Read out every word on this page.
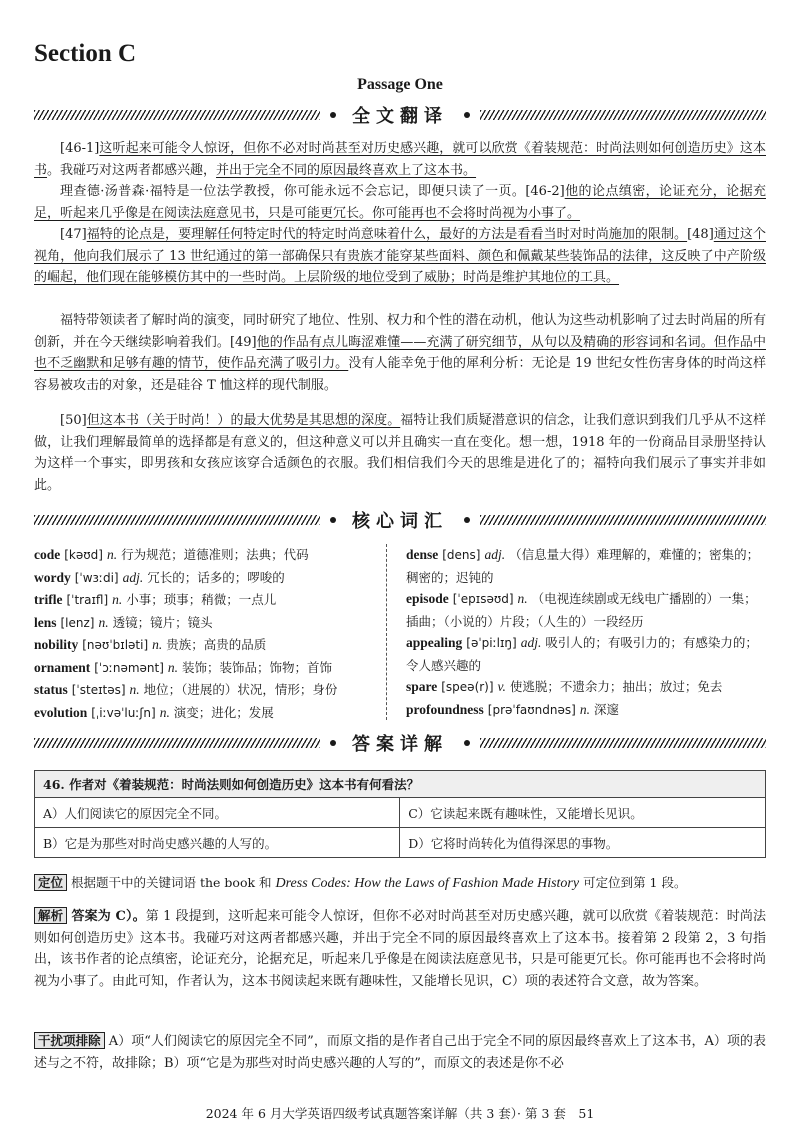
Section C
Passage One
全文翻译

[46-1]这听起来可能令人惊讶，但你不必对时尚甚至对历史感兴趣，就可以欣赏《着装规范：时尚法则如何创造历史》这本书。我碰巧对这两者都感兴趣，并出于完全不同的原因最终喜欢上了这本书。

理查德·汤普森·福特是一位法学教授，你可能永远不会忘记，即便只读了一页。[46-2]他的论点缜密，论证充分，论据充足，听起来几乎像是在阅读法庭意见书，只是可能更冗长。你可能再也不会将时尚视为小事了。

[47]福特的论点是，要理解任何特定时代的特定时尚意味着什么，最好的方法是看看当时对时尚施加的限制。[48]通过这个视角，他向我们展示了 13 世纪通过的第一部确保只有贵族才能穿某些面料、颜色和佩戴某些装饰品的法律，这反映了中产阶级的崛起，他们现在能够模仿其中的一些时尚。上层阶级的地位受到了威胁；时尚是维护其地位的工具。

福特带领读者了解时尚的演变，同时研究了地位、性别、权力和个性的潜在动机，他认为这些动机影响了过去时尚届的所有创新，并在今天继续影响着我们。[49]他的作品有点儿晦涩难懂——充满了研究细节，从句以及精确的形容词和名词。但作品中也不乏幽默和足够有趣的情节，使作品充满了吸引力。没有人能幸免于他的犀利分析：无论是 19 世纪女性伤害身体的时尚这样容易被攻击的对象，还是硅谷 T 恤这样的现代制服。

[50]但这本书（关于时尚！）的最大优势是其思想的深度。福特让我们质疑潜意识的信念，让我们意识到我们几乎从不这样做，让我们理解最简单的选择都是有意义的，但这种意义可以并且确实一直在变化。想一想，1918 年的一份商品目录册坚持认为这样一个事实，即男孩和女孩应该穿合适颜色的衣服。我们相信我们今天的思维是进化了的；福特向我们展示了事实并非如此。

核心词汇
code [kəʊd] n. 行为规范；道德准则；法典；代码
wordy [ˈwɜːdi] adj. 冗长的；话多的；啰唆的
trifle [ˈtraɪfl] n. 小事；琐事；稍微；一点儿
lens [lenz] n. 透镜；镜片；镜头
nobility [nəʊˈbɪləti] n. 贵族；高贵的品质
ornament [ˈɔːnəmənt] n. 装饰；装饰品；饰物；首饰
status [ˈsteɪtəs] n. 地位；（进展的）状况，情形；身份
evolution [ˌiːvəˈluːʃn] n. 演变；进化；发展
dense [dens] adj. （信息量大得）难理解的，难懂的；密集的；稠密的；迟钝的
episode [ˈepɪsəʊd] n. （电视连续剧或无线电广播剧的）一集；插曲；（小说的）片段；（人生的）一段经历
appealing [əˈpiːlɪŋ] adj. 吸引人的；有吸引力的；有感染力的；令人感兴趣的
spare [speə(r)] v. 使逃脱；不遗余力；抽出；放过；免去
profoundness [prəˈfaʊndnəs] n. 深邃
答案详解
46. 作者对《着装规范：时尚法则如何创造历史》这本书有何看法？	
A）人们阅读它的原因完全不同。	C）它读起来既有趣味性，又能增长见识。
B）它是为那些对时尚史感兴趣的人写的。	D）它将时尚转化为值得深思的事物。

定位 根据题干中的关键词语 the book 和 Dress Codes: How the Laws of Fashion Made History 可定位到第 1 段。

解析 答案为 C）。第 1 段提到，这听起来可能令人惊讶，但你不必对时尚甚至对历史感兴趣，就可以欣赏《着装规范：时尚法则如何创造历史》这本书。我碰巧对这两者都感兴趣，并出于完全不同的原因最终喜欢上了这本书。接着第 2 段第 2，3 句指出，该书作者的论点缜密，论证充分，论据充足，听起来几乎像是在阅读法庭意见书，只是可能更冗长。你可能再也不会将时尚视为小事了。由此可知，作者认为，这本书阅读起来既有趣味性，又能增长见识，C）项的表述符合文意，故为答案。

干扰项排除 A）项“人们阅读它的原因完全不同”，而原文指的是作者自己出于完全不同的原因最终喜欢上了这本书，A）项的表述与之不符，故排除；B）项“它是为那些对时尚史感兴趣的人写的”，而原文的表述是你不必

2024 年 6 月大学英语四级考试真题答案详解（共 3 套）· 第 3 套　51
